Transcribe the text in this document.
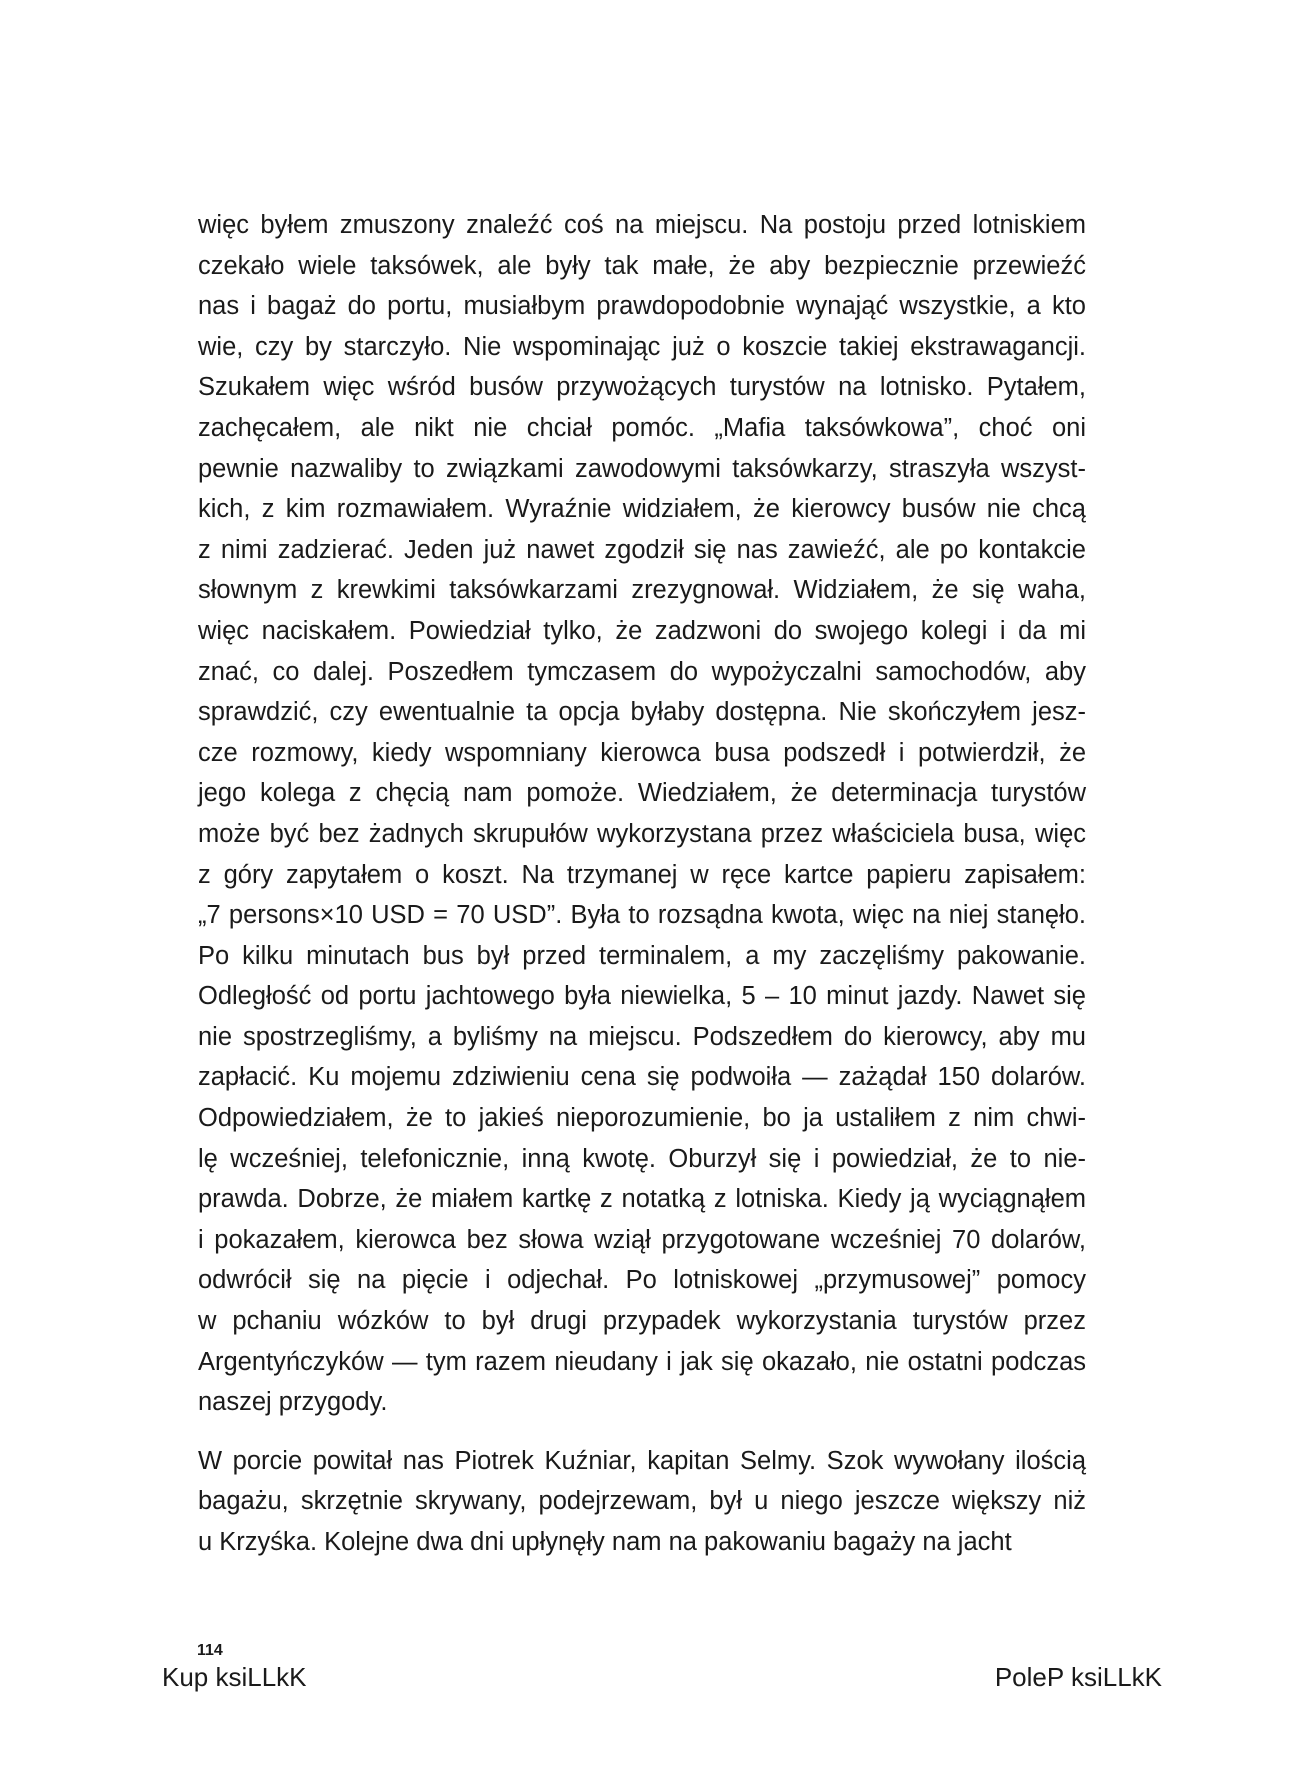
więc byłem zmuszony znaleźć coś na miejscu. Na postoju przed lotniskiem
czekało wiele taksówek, ale były tak małe, że aby bezpiecznie przewieźć
nas i bagaż do portu, musiałbym prawdopodobnie wynająć wszystkie, a kto
wie, czy by starczyło. Nie wspominając już o koszcie takiej ekstrawagancji.
Szukałem więc wśród busów przywożących turystów na lotnisko. Pytałem,
zachęcałem, ale nikt nie chciał pomóc. „Mafia taksówkowa”, choć oni
pewnie nazwaliby to związkami zawodowymi taksówkarzy, straszyła wszyst-
kich, z kim rozmawiałem. Wyraźnie widziałem, że kierowcy busów nie chcą
z nimi zadzierać. Jeden już nawet zgodził się nas zawieźć, ale po kontakcie
słownym z krewkimi taksówkarzami zrezygnował. Widziałem, że się waha,
więc naciskałem. Powiedział tylko, że zadzwoni do swojego kolegi i da mi
znać, co dalej. Poszedłem tymczasem do wypożyczalni samochodów, aby
sprawdzić, czy ewentualnie ta opcja byłaby dostępna. Nie skończyłem jesz-
cze rozmowy, kiedy wspomniany kierowca busa podszedł i potwierdził, że
jego kolega z chęcią nam pomoże. Wiedziałem, że determinacja turystów
może być bez żadnych skrupułów wykorzystana przez właściciela busa, więc
z góry zapytałem o koszt. Na trzymanej w ręce kartce papieru zapisałem:
„7 persons×10 USD = 70 USD”. Była to rozsądna kwota, więc na niej stanęło.
Po kilku minutach bus był przed terminalem, a my zaczęliśmy pakowanie.
Odległość od portu jachtowego była niewielka, 5 – 10 minut jazdy. Nawet się
nie spostrzegliśmy, a byliśmy na miejscu. Podszedłem do kierowcy, aby mu
zapłacić. Ku mojemu zdziwieniu cena się podwoiła — zażądał 150 dolarów.
Odpowiedziałem, że to jakieś nieporozumienie, bo ja ustaliłem z nim chwi-
lę wcześniej, telefonicznie, inną kwotę. Oburzył się i powiedział, że to nie-
prawda. Dobrze, że miałem kartkę z notatką z lotniska. Kiedy ją wyciągnąłem
i pokazałem, kierowca bez słowa wziął przygotowane wcześniej 70 dolarów,
odwrócił się na pięcie i odjechał. Po lotniskowej „przymusowej” pomocy
w pchaniu wózków to był drugi przypadek wykorzystania turystów przez
Argentyńczyków — tym razem nieudany i jak się okazało, nie ostatni podczas
naszej przygody.

W porcie powitał nas Piotrek Kuźniar, kapitan Selmy. Szok wywołany ilością
bagażu, skrzętnie skrywany, podejrzewam, był u niego jeszcze większy niż
u Krzyśka. Kolejne dwa dni upłynęły nam na pakowaniu bagaży na jacht

114
Kup ksiLLkK	PoleP ksiLLkK
